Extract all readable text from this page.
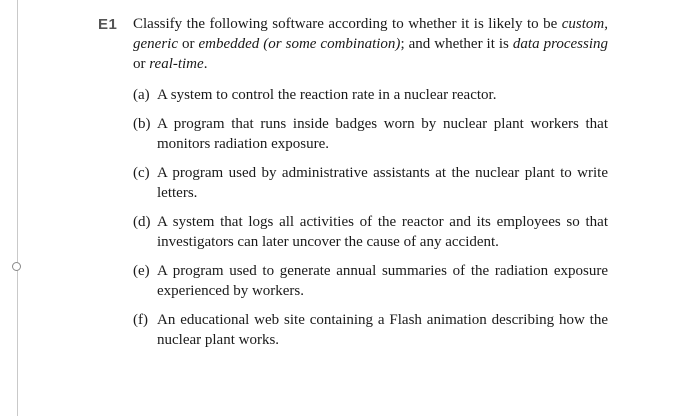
E1 Classify the following software according to whether it is likely to be custom, generic or embedded (or some combination); and whether it is data processing or real-time.

(a) A system to control the reaction rate in a nuclear reactor.
(b) A program that runs inside badges worn by nuclear plant workers that monitors radiation exposure.
(c) A program used by administrative assistants at the nuclear plant to write letters.
(d) A system that logs all activities of the reactor and its employees so that investigators can later uncover the cause of any accident.
(e) A program used to generate annual summaries of the radiation exposure experienced by workers.
(f) An educational web site containing a Flash animation describing how the nuclear plant works.
